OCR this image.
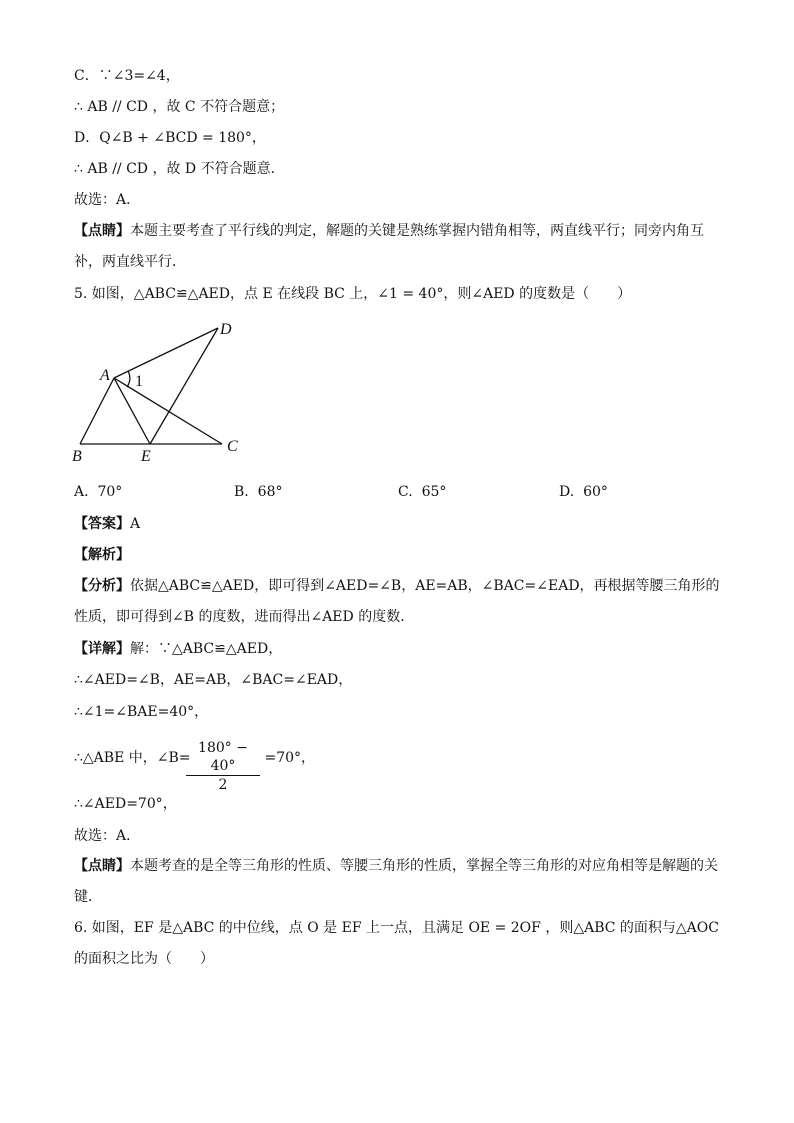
C．∵∠3=∠4，
∴ AB // CD ，故 C 不符合题意；
D．Q∠B + ∠BCD = 180°，
∴ AB // CD ，故 D 不符合题意．
故选：A．
【点睛】本题主要考查了平行线的判定，解题的关键是熟练掌握内错角相等，两直线平行；同旁内角互补，两直线平行．
5. 如图，△ABC≌△AED，点 E 在线段 BC 上，∠1 = 40°，则∠AED 的度数是（　　）
A
D
B	E
C
1
A. 70°	B. 68°	C. 65°	D. 60°
【答案】A
【解析】
【分析】依据△ABC≌△AED，即可得到∠AED=∠B，AE=AB，∠BAC=∠EAD，再根据等腰三角形的性质，即可得到∠B 的度数，进而得出∠AED 的度数．
【详解】解：∵△ABC≌△AED，
∴∠AED=∠B，AE=AB，∠BAC=∠EAD，
∴∠1=∠BAE=40°，
∴△ABE 中，∠B=	=70°，
$\frac{180^\circ - 40^\circ}{2}$
∴∠AED=70°，
故选：A．
【点睛】本题考查的是全等三角形的性质、等腰三角形的性质，掌握全等三角形的对应角相等是解题的关键．
6. 如图，EF 是△ABC 的中位线，点 O 是 EF 上一点，且满足 OE = 2OF ，则△ABC 的面积与△AOC 的面积之比为（　　）
